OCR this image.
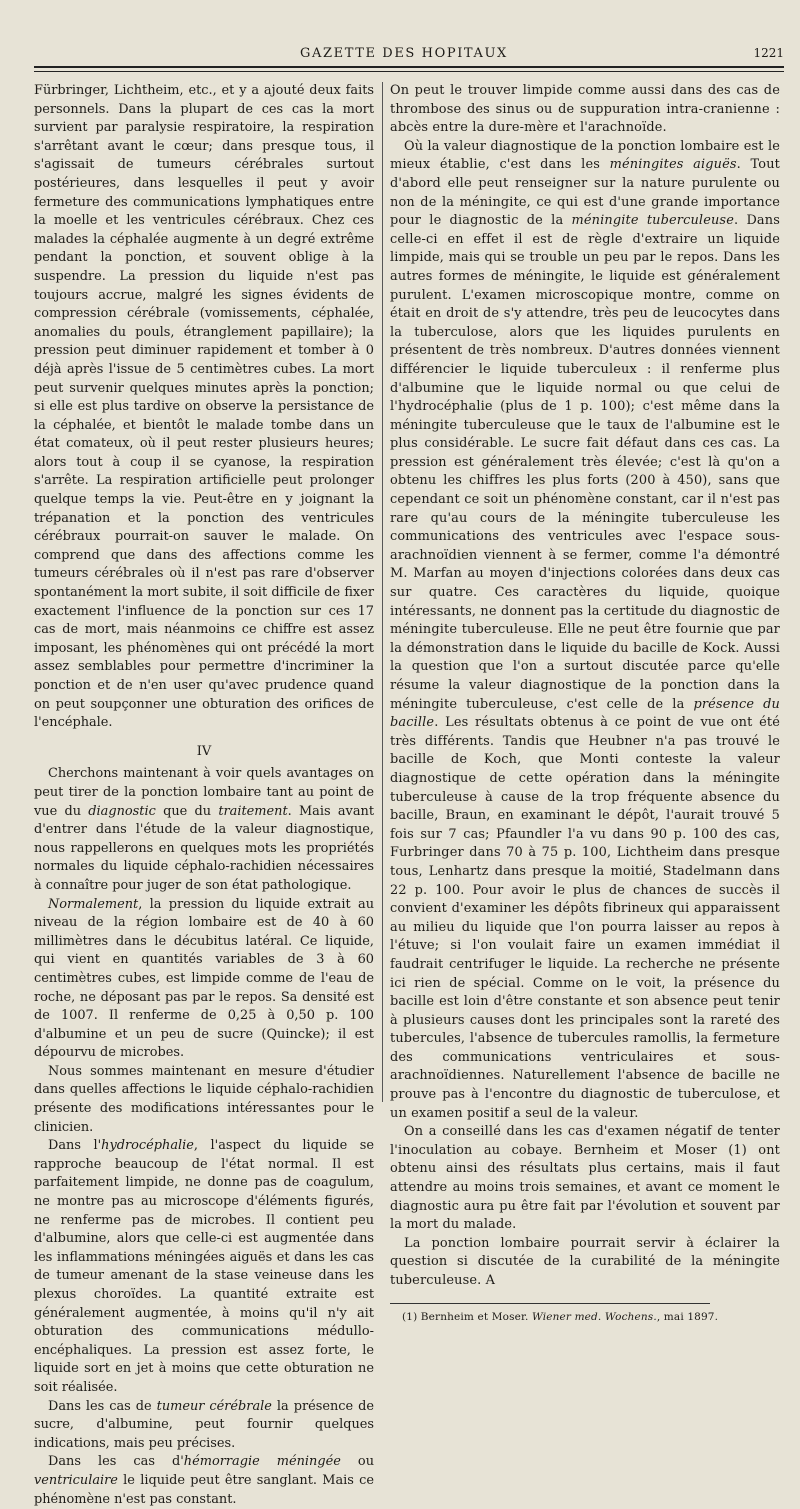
GAZETTE DES HOPITAUX	1221

Fürbringer, Lichtheim, etc., et y a ajouté deux faits personnels. Dans la plupart de ces cas la mort survient par paralysie respiratoire, la respiration s'arrêtant avant le cœur; dans presque tous, il s'agissait de tumeurs cérébrales surtout postérieures, dans lesquelles il peut y avoir fermeture des communications lymphatiques entre la moelle et les ventricules cérébraux. Chez ces malades la céphalée augmente à un degré extrême pendant la ponction, et souvent oblige à la suspendre. La pression du liquide n'est pas toujours accrue, malgré les signes évidents de compression cérébrale (vomissements, céphalée, anomalies du pouls, étranglement papillaire); la pression peut diminuer rapidement et tomber à 0 déjà après l'issue de 5 centimètres cubes. La mort peut survenir quelques minutes après la ponction; si elle est plus tardive on observe la persistance de la céphalée, et bientôt le malade tombe dans un état comateux, où il peut rester plusieurs heures; alors tout à coup il se cyanose, la respiration s'arrête. La respiration artificielle peut prolonger quelque temps la vie. Peut-être en y joignant la trépanation et la ponction des ventricules cérébraux pourrait-on sauver le malade. On comprend que dans des affections comme les tumeurs cérébrales où il n'est pas rare d'observer spontanément la mort subite, il soit difficile de fixer exactement l'influence de la ponction sur ces 17 cas de mort, mais néanmoins ce chiffre est assez imposant, les phénomènes qui ont précédé la mort assez semblables pour permettre d'incriminer la ponction et de n'en user qu'avec prudence quand on peut soupçonner une obturation des orifices de l'encéphale.

IV

Cherchons maintenant à voir quels avantages on peut tirer de la ponction lombaire tant au point de vue du diagnostic que du traitement. Mais avant d'entrer dans l'étude de la valeur diagnostique, nous rappellerons en quelques mots les propriétés normales du liquide céphalo-rachidien nécessaires à connaître pour juger de son état pathologique.

Normalement, la pression du liquide extrait au niveau de la région lombaire est de 40 à 60 millimètres dans le décubitus latéral. Ce liquide, qui vient en quantités variables de 3 à 60 centimètres cubes, est limpide comme de l'eau de roche, ne déposant pas par le repos. Sa densité est de 1007. Il renferme de 0,25 à 0,50 p. 100 d'albumine et un peu de sucre (Quincke); il est dépourvu de microbes.

Nous sommes maintenant en mesure d'étudier dans quelles affections le liquide céphalo-rachidien présente des modifications intéressantes pour le clinicien.

Dans l'hydrocéphalie, l'aspect du liquide se rapproche beaucoup de l'état normal. Il est parfaitement limpide, ne donne pas de coagulum, ne montre pas au microscope d'éléments figurés, ne renferme pas de microbes. Il contient peu d'albumine, alors que celle-ci est augmentée dans les inflammations méningées aiguës et dans les cas de tumeur amenant de la stase veineuse dans les plexus choroïdes. La quantité extraite est généralement augmentée, à moins qu'il n'y ait obturation des communications médullo-encéphaliques. La pression est assez forte, le liquide sort en jet à moins que cette obturation ne soit réalisée.

Dans les cas de tumeur cérébrale la présence de sucre, d'albumine, peut fournir quelques indications, mais peu précises.

Dans les cas d'hémorragie méningée ou ventriculaire le liquide peut être sanglant. Mais ce phénomène n'est pas constant.

On peut le trouver limpide comme aussi dans des cas de thrombose des sinus ou de suppuration intra-cranienne : abcès entre la dure-mère et l'arachnoïde.

Où la valeur diagnostique de la ponction lombaire est le mieux établie, c'est dans les méningites aiguës. Tout d'abord elle peut renseigner sur la nature purulente ou non de la méningite, ce qui est d'une grande importance pour le diagnostic de la méningite tuberculeuse. Dans celle-ci en effet il est de règle d'extraire un liquide limpide, mais qui se trouble un peu par le repos. Dans les autres formes de méningite, le liquide est généralement purulent. L'examen microscopique montre, comme on était en droit de s'y attendre, très peu de leucocytes dans la tuberculose, alors que les liquides purulents en présentent de très nombreux. D'autres données viennent différencier le liquide tuberculeux : il renferme plus d'albumine que le liquide normal ou que celui de l'hydrocéphalie (plus de 1 p. 100); c'est même dans la méningite tuberculeuse que le taux de l'albumine est le plus considérable. Le sucre fait défaut dans ces cas. La pression est généralement très élevée; c'est là qu'on a obtenu les chiffres les plus forts (200 à 450), sans que cependant ce soit un phénomène constant, car il n'est pas rare qu'au cours de la méningite tuberculeuse les communications des ventricules avec l'espace sous-arachnoïdien viennent à se fermer, comme l'a démontré M. Marfan au moyen d'injections colorées dans deux cas sur quatre. Ces caractères du liquide, quoique intéressants, ne donnent pas la certitude du diagnostic de méningite tuberculeuse. Elle ne peut être fournie que par la démonstration dans le liquide du bacille de Kock. Aussi la question que l'on a surtout discutée parce qu'elle résume la valeur diagnostique de la ponction dans la méningite tuberculeuse, c'est celle de la présence du bacille. Les résultats obtenus à ce point de vue ont été très différents. Tandis que Heubner n'a pas trouvé le bacille de Koch, que Monti conteste la valeur diagnostique de cette opération dans la méningite tuberculeuse à cause de la trop fréquente absence du bacille, Braun, en examinant le dépôt, l'aurait trouvé 5 fois sur 7 cas; Pfaundler l'a vu dans 90 p. 100 des cas, Furbringer dans 70 à 75 p. 100, Lichtheim dans presque tous, Lenhartz dans presque la moitié, Stadelmann dans 22 p. 100. Pour avoir le plus de chances de succès il convient d'examiner les dépôts fibrineux qui apparaissent au milieu du liquide que l'on pourra laisser au repos à l'étuve; si l'on voulait faire un examen immédiat il faudrait centrifuger le liquide. La recherche ne présente ici rien de spécial. Comme on le voit, la présence du bacille est loin d'être constante et son absence peut tenir à plusieurs causes dont les principales sont la rareté des tubercules, l'absence de tubercules ramollis, la fermeture des communications ventriculaires et sous-arachnoïdiennes. Naturellement l'absence de bacille ne prouve pas à l'encontre du diagnostic de tuberculose, et un examen positif a seul de la valeur.

On a conseillé dans les cas d'examen négatif de tenter l'inoculation au cobaye. Bernheim et Moser (1) ont obtenu ainsi des résultats plus certains, mais il faut attendre au moins trois semaines, et avant ce moment le diagnostic aura pu être fait par l'évolution et souvent par la mort du malade.

La ponction lombaire pourrait servir à éclairer la question si discutée de la curabilité de la méningite tuberculeuse. A

(1) Bernheim et Moser. Wiener med. Wochens., mai 1897.
